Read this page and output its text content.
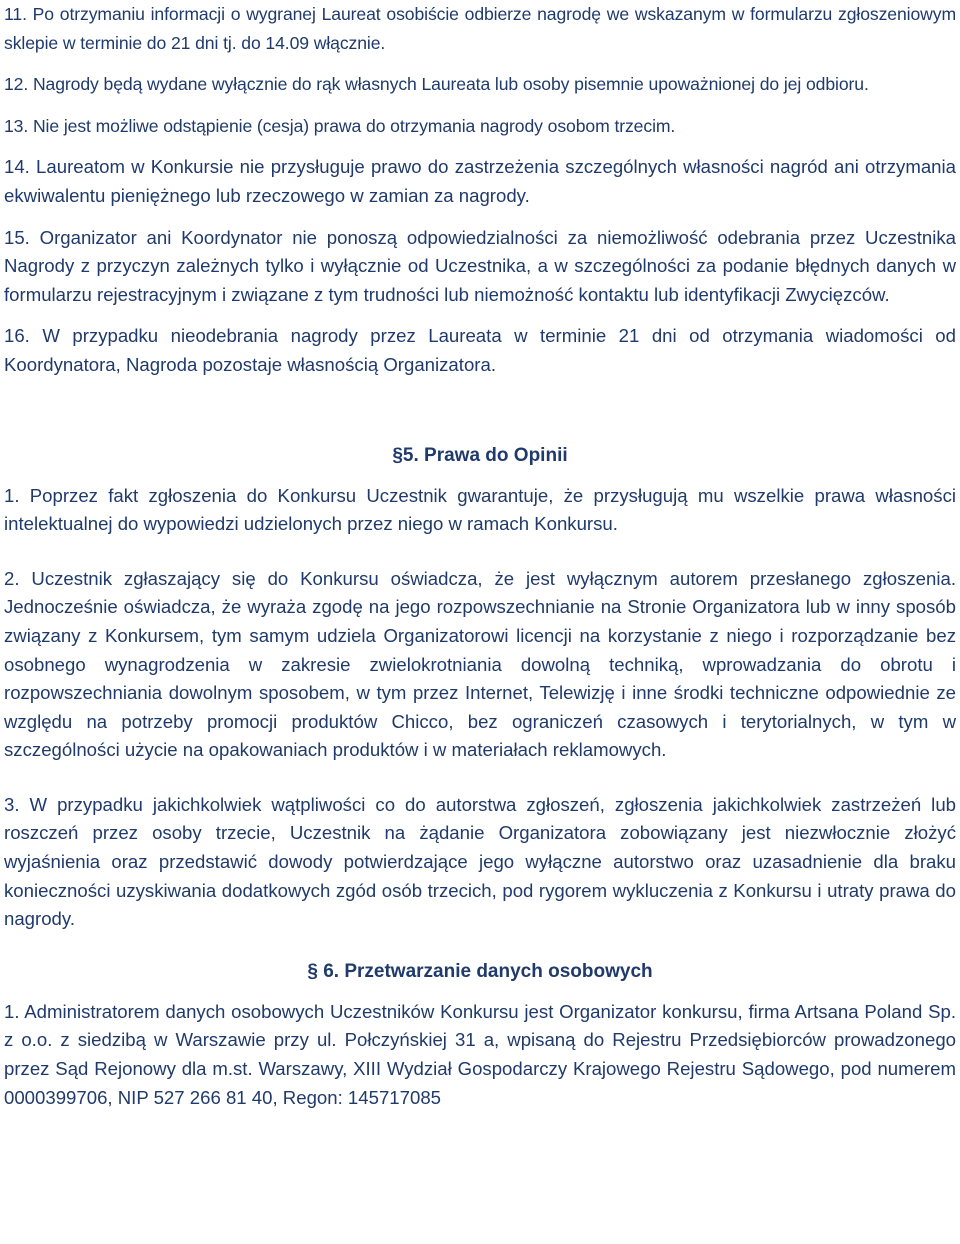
11. Po otrzymaniu informacji o wygranej Laureat osobiście odbierze nagrodę we wskazanym w formularzu zgłoszeniowym sklepie w terminie do 21 dni tj. do 14.09 włącznie.

12. Nagrody będą wydane wyłącznie do rąk własnych Laureata lub osoby pisemnie upoważnionej do jej odbioru.

13. Nie jest możliwe odstąpienie (cesja) prawa do otrzymania nagrody osobom trzecim.

14. Laureatom w Konkursie nie przysługuje prawo do zastrzeżenia szczególnych własności nagród ani otrzymania ekwiwalentu pieniężnego lub rzeczowego w zamian za nagrody.

15. Organizator ani Koordynator nie ponoszą odpowiedzialności za niemożliwość odebrania przez Uczestnika Nagrody z przyczyn zależnych tylko i wyłącznie od Uczestnika, a w szczególności za podanie błędnych danych w formularzu rejestracyjnym i związane z tym trudności lub niemożność kontaktu lub identyfikacji Zwycięzców.

16. W przypadku nieodebrania nagrody przez Laureata w terminie 21 dni od otrzymania wiadomości od Koordynatora, Nagroda pozostaje własnością Organizatora.

§5. Prawa do Opinii

1. Poprzez fakt zgłoszenia do Konkursu Uczestnik gwarantuje, że przysługują mu wszelkie prawa własności intelektualnej do wypowiedzi udzielonych przez niego w ramach Konkursu.

2. Uczestnik zgłaszający się do Konkursu oświadcza, że jest wyłącznym autorem przesłanego zgłoszenia. Jednocześnie oświadcza, że wyraża zgodę na jego rozpowszechnianie na Stronie Organizatora lub w inny sposób związany z Konkursem, tym samym udziela Organizatorowi licencji na korzystanie z niego i rozporządzanie bez osobnego wynagrodzenia w zakresie zwielokrotniania dowolną techniką, wprowadzania do obrotu i rozpowszechniania dowolnym sposobem, w tym przez Internet, Telewizję i inne środki techniczne odpowiednie ze względu na potrzeby promocji produktów Chicco, bez ograniczeń czasowych i terytorialnych, w tym w szczególności użycie na opakowaniach produktów i w materiałach reklamowych.

3. W przypadku jakichkolwiek wątpliwości co do autorstwa zgłoszeń, zgłoszenia jakichkolwiek zastrzeżeń lub roszczeń przez osoby trzecie, Uczestnik na żądanie Organizatora zobowiązany jest niezwłocznie złożyć wyjaśnienia oraz przedstawić dowody potwierdzające jego wyłączne autorstwo oraz uzasadnienie dla braku konieczności uzyskiwania dodatkowych zgód osób trzecich, pod rygorem wykluczenia z Konkursu i utraty prawa do nagrody.

§ 6. Przetwarzanie danych osobowych

1. Administratorem danych osobowych Uczestników Konkursu jest Organizator konkursu, firma Artsana Poland Sp. z o.o. z siedzibą w Warszawie przy ul. Połczyńskiej 31 a, wpisaną do Rejestru Przedsiębiorców prowadzonego przez Sąd Rejonowy dla m.st. Warszawy, XIII Wydział Gospodarczy Krajowego Rejestru Sądowego, pod numerem 0000399706, NIP 527 266 81 40, Regon: 145717085
